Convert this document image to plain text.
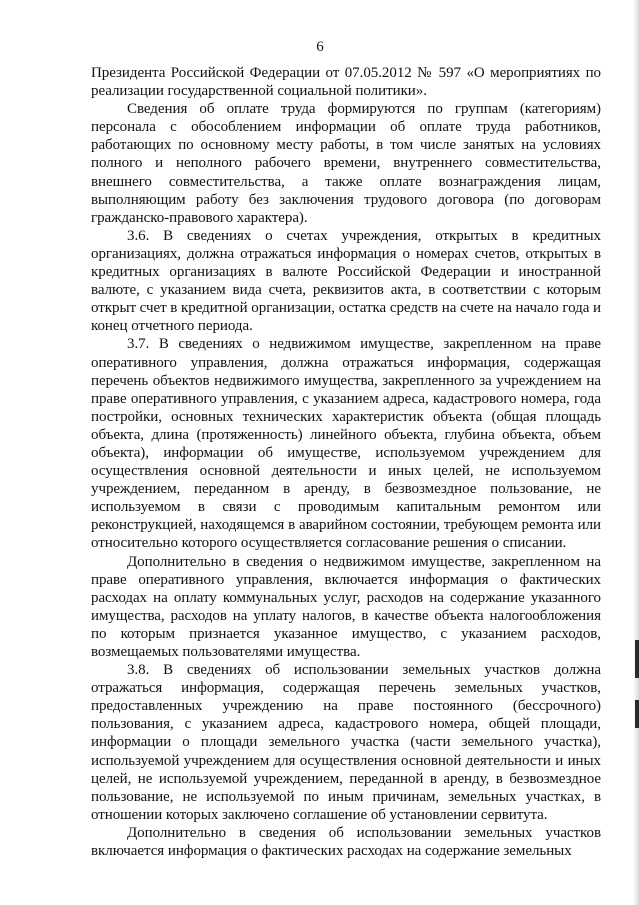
6

Президента Российской Федерации от 07.05.2012 № 597 «О мероприятиях по реализации государственной социальной политики».

Сведения об оплате труда формируются по группам (категориям) персонала с обособлением информации об оплате труда работников, работающих по основному месту работы, в том числе занятых на условиях полного и неполного рабочего времени, внутреннего совместительства, внешнего совместительства, а также оплате вознаграждения лицам, выполняющим работу без заключения трудового договора (по договорам гражданско-правового характера).

3.6. В сведениях о счетах учреждения, открытых в кредитных организациях, должна отражаться информация о номерах счетов, открытых в кредитных организациях в валюте Российской Федерации и иностранной валюте, с указанием вида счета, реквизитов акта, в соответствии с которым открыт счет в кредитной организации, остатка средств на счете на начало года и конец отчетного периода.

3.7. В сведениях о недвижимом имуществе, закрепленном на праве оперативного управления, должна отражаться информация, содержащая перечень объектов недвижимого имущества, закрепленного за учреждением на праве оперативного управления, с указанием адреса, кадастрового номера, года постройки, основных технических характеристик объекта (общая площадь объекта, длина (протяженность) линейного объекта, глубина объекта, объем объекта), информации об имуществе, используемом учреждением для осуществления основной деятельности и иных целей, не используемом учреждением, переданном в аренду, в безвозмездное пользование, не используемом в связи с проводимым капитальным ремонтом или реконструкцией, находящемся в аварийном состоянии, требующем ремонта или относительно которого осуществляется согласование решения о списании.

Дополнительно в сведения о недвижимом имуществе, закрепленном на праве оперативного управления, включается информация о фактических расходах на оплату коммунальных услуг, расходов на содержание указанного имущества, расходов на уплату налогов, в качестве объекта налогообложения по которым признается указанное имущество, с указанием расходов, возмещаемых пользователями имущества.

3.8. В сведениях об использовании земельных участков должна отражаться информация, содержащая перечень земельных участков, предоставленных учреждению на праве постоянного (бессрочного) пользования, с указанием адреса, кадастрового номера, общей площади, информации о площади земельного участка (части земельного участка), используемой учреждением для осуществления основной деятельности и иных целей, не используемой учреждением, переданной в аренду, в безвозмездное пользование, не используемой по иным причинам, земельных участках, в отношении которых заключено соглашение об установлении сервитута.

Дополнительно в сведения об использовании земельных участков включается информация о фактических расходах на содержание земельных
